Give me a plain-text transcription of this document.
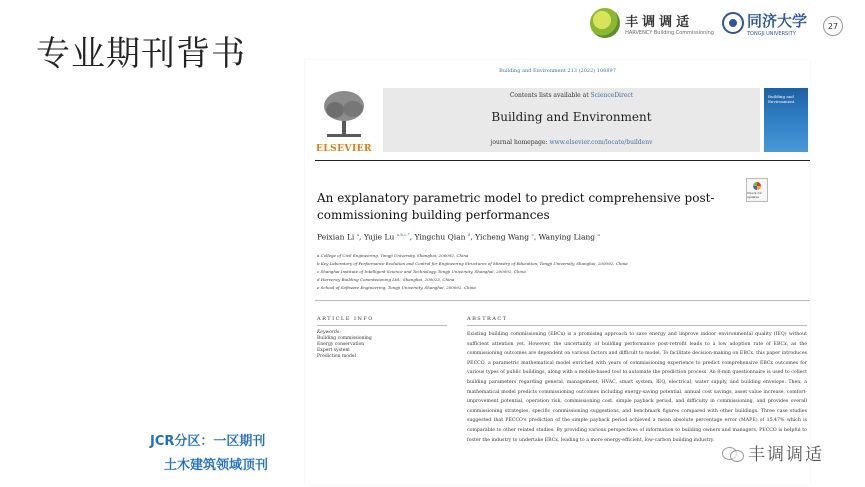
专业期刊背书
丰调调适
HARVENCY Building Commissioning
同济大学
TONGJI UNIVERSITY
27
Building and Environment 213 (2022) 108897
ELSEVIER
Contents lists available at ScienceDirect
Building and Environment
journal homepage: www.elsevier.com/locate/buildenv
Building and Environment
Check for updates
An explanatory parametric model to predict comprehensive post-commissioning building performances
Peixian Li $^a$, Yujie Lu $^{a,b,c,*}$, Yingchu Qian $^d$, Yicheng Wang $^e$, Wanying Liang $^a$
a College of Civil Engineering, Tongji University, Shanghai, 200092, China
b Key Laboratory of Performance Evolution and Control for Engineering Structures of Ministry of Education, Tongji University, Shanghai, 200092, China
c Shanghai Institute of Intelligent Science and Technology, Tongji University, Shanghai, 200092, China
d Harvency Building Commissioning Ltd., Shanghai, 200023, China
e School of Software Engineering, Tongji University, Shanghai, 200092, China
ARTICLE INFO
Keywords:
Building commissioning
Energy conservation
Expert system
Prediction model
ABSTRACT
Existing building commissioning (EBCx) is a promising approach to save energy and improve indoor environmental quality (IEQ) without sufficient attention yet. However, the uncertainty of building performance post-retrofit leads to a low adoption rate of EBCx, as the commissioning outcomes are dependent on various factors and difficult to model. To facilitate decision-making on EBCx, this paper introduces PECCO, a parametric mathematical model enriched with years of commissioning experience to predict comprehensive EBCx outcomes for various types of public buildings, along with a mobile-based tool to automate the prediction process. An 8-min questionnaire is used to collect building parameters regarding general, management, HVAC, smart system, IEQ, electrical, water supply, and building envelope. Then, a mathematical model predicts commissioning outcomes including energy-saving potential, annual cost savings, asset value increase, comfort-improvement potential, operation risk, commissioning cost, simple payback period, and difficulty in commissioning, and provides overall commissioning strategies, specific commissioning suggestions, and benchmark figures compared with other buildings. Three case studies suggested that PECCO's prediction of the simple payback period achieved a mean absolute percentage error (MAPE) of 15.47% which is comparable to other related studies. By providing various perspectives of information to building owners and managers, PECCO is helpful to foster the industry to undertake EBCx, leading to a more energy-efficient, low-carbon building industry.
JCR分区：一区期刊
土木建筑领域顶刊
丰调调适
